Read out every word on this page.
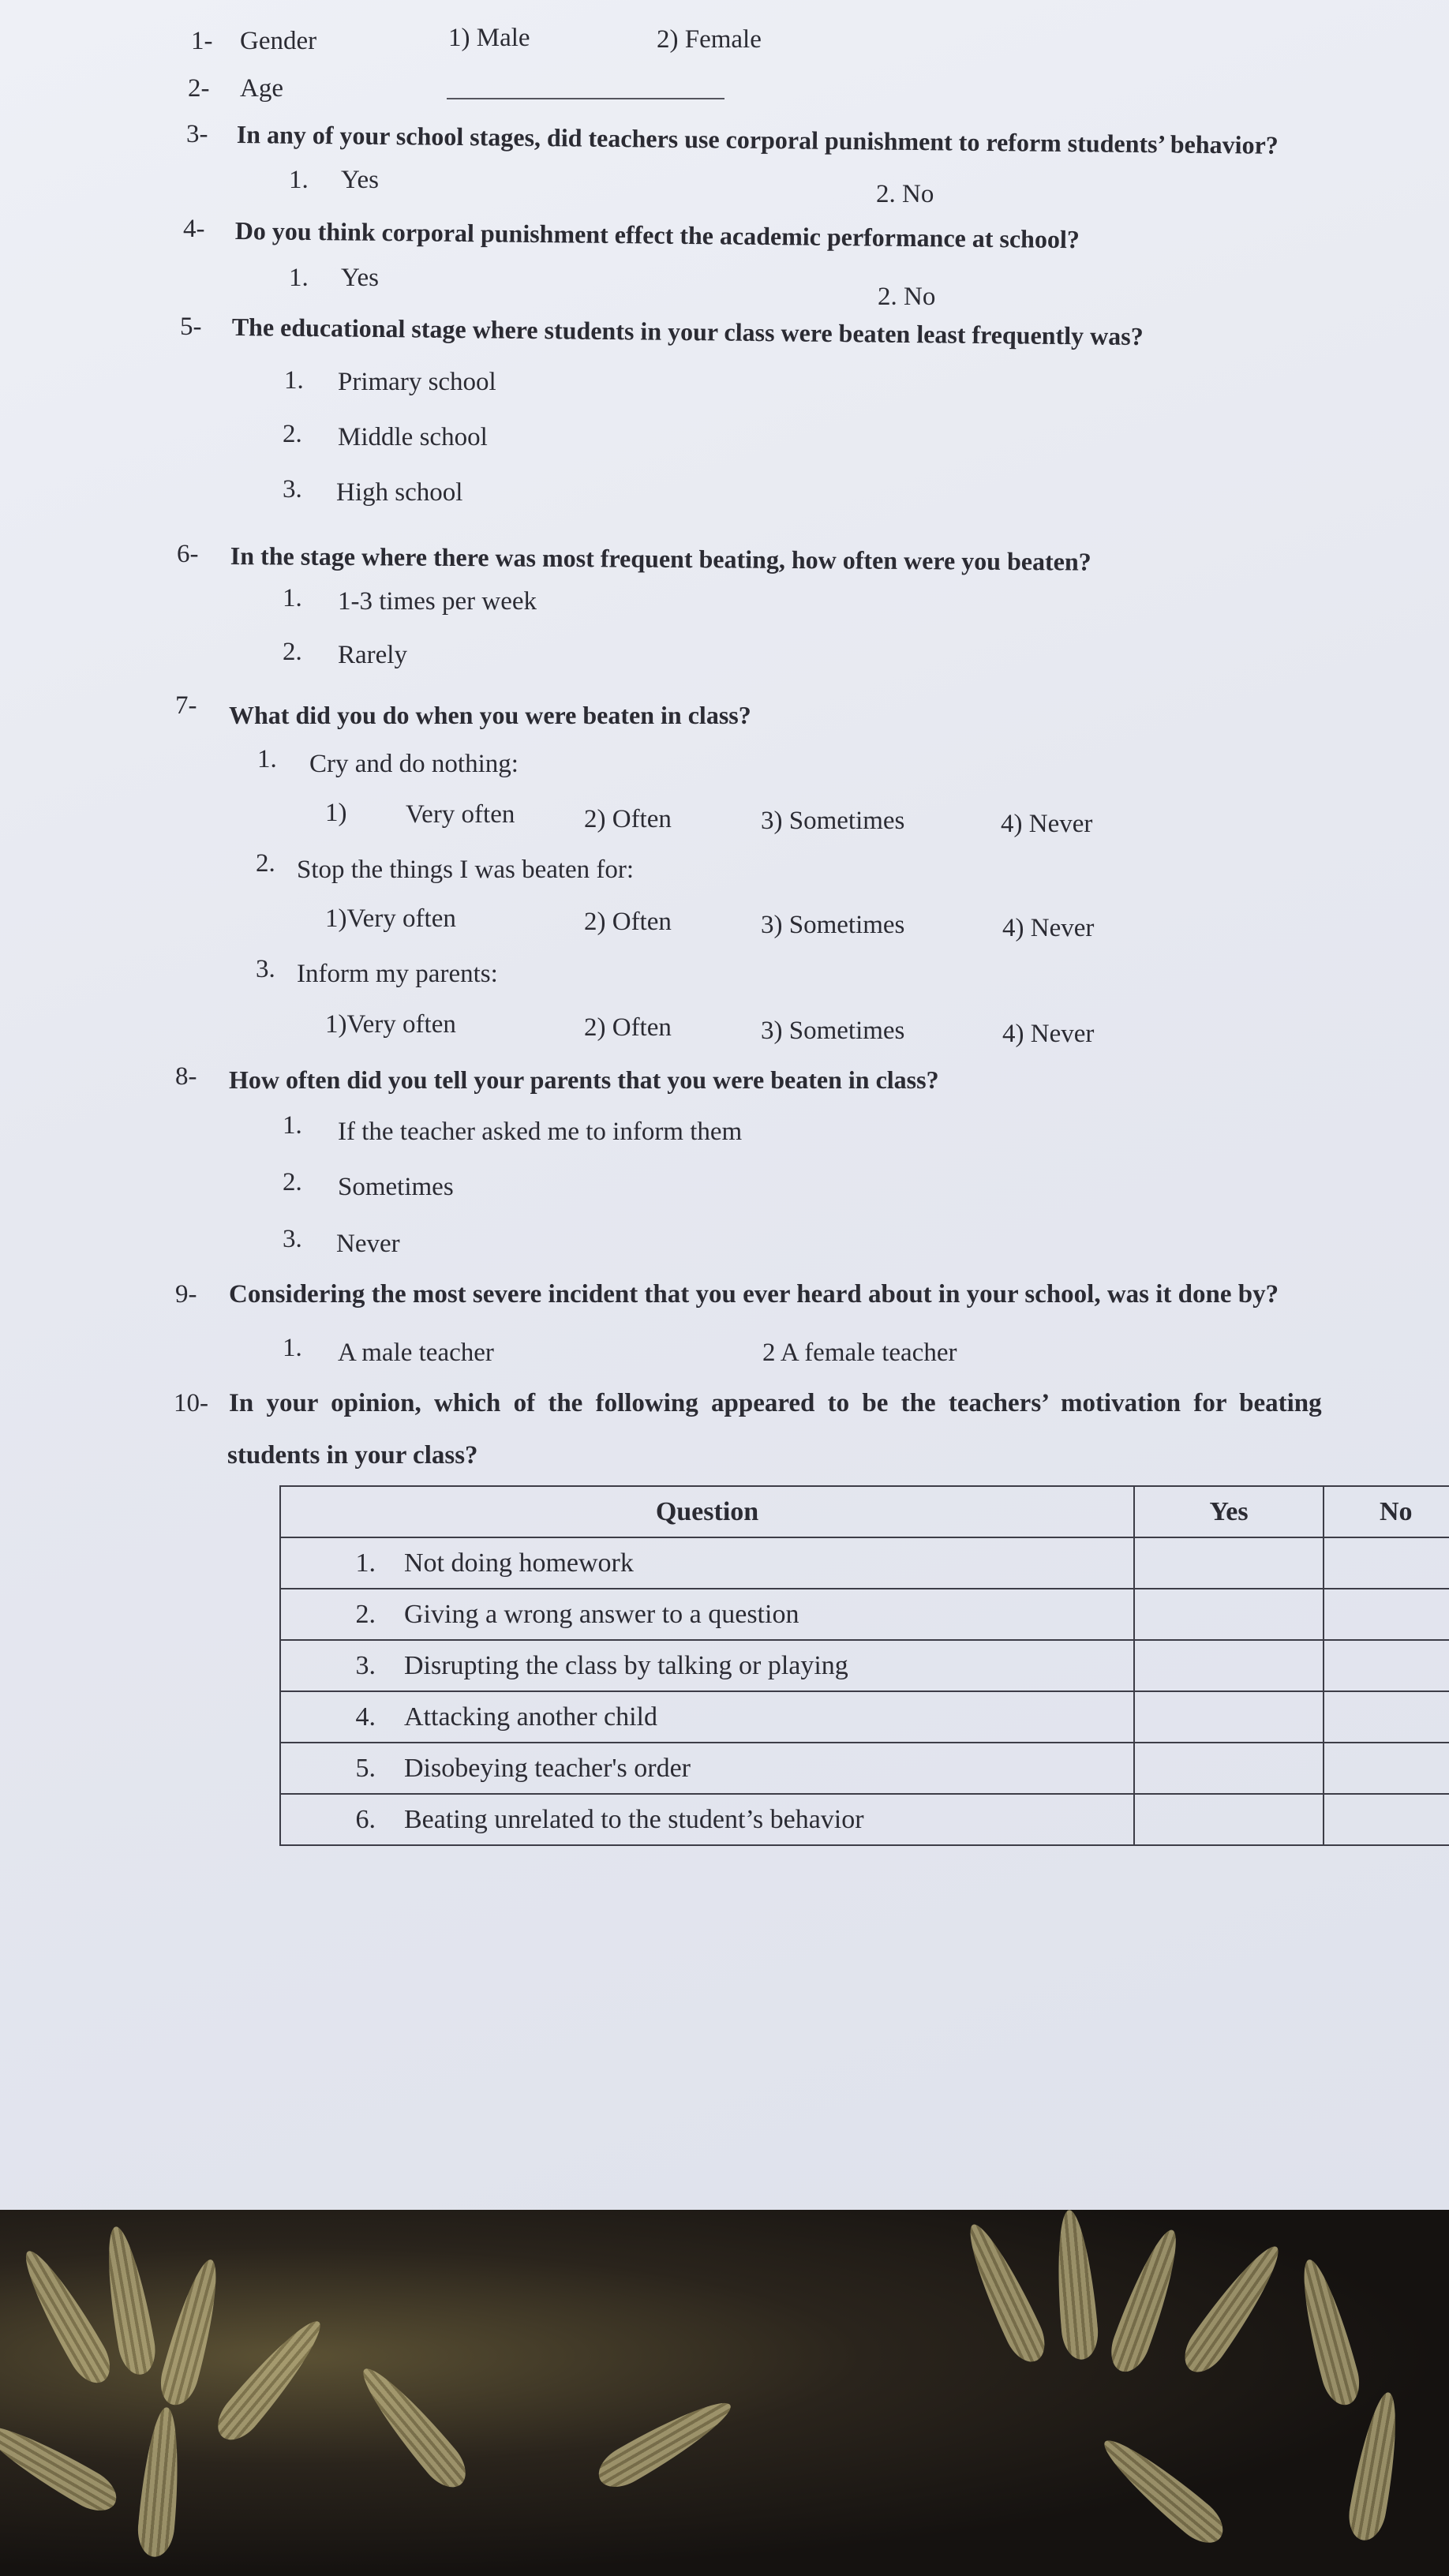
1- Gender	1) Male	2) Female
2- Age
3- In any of your school stages, did teachers use corporal punishment to reform students’ behavior?
1. Yes	2. No
4- Do you think corporal punishment effect the academic performance at school?
1. Yes
2. No
5- The educational stage where students in your class were beaten least frequently was?
1. Primary school
2. Middle school
3. High school
6- In the stage where there was most frequent beating, how often were you beaten?
1. 1-3 times per week
2. Rarely
7- What did you do when you were beaten in class?
1. Cry and do nothing:
1) Very often	2) Often	3) Sometimes	4) Never
2. Stop the things I was beaten for:
1)Very often	2) Often	3) Sometimes	4) Never
3. Inform my parents:
1)Very often	2) Often	3) Sometimes	4) Never
8- How often did you tell your parents that you were beaten in class?
1. If the teacher asked me to inform them
2. Sometimes
3. Never
9- Considering the most severe incident that you ever heard about in your school, was it done by?
1. A male teacher	2 A female teacher
10- In your opinion, which of the following appeared to be the teachers’ motivation for beating
students in your class?
Question	Yes	No
1. Not doing homework		
2. Giving a wrong answer to a question		
3. Disrupting the class by talking or playing		
4. Attacking another child		
5. Disobeying teacher's order		
6. Beating unrelated to the student’s behavior		
